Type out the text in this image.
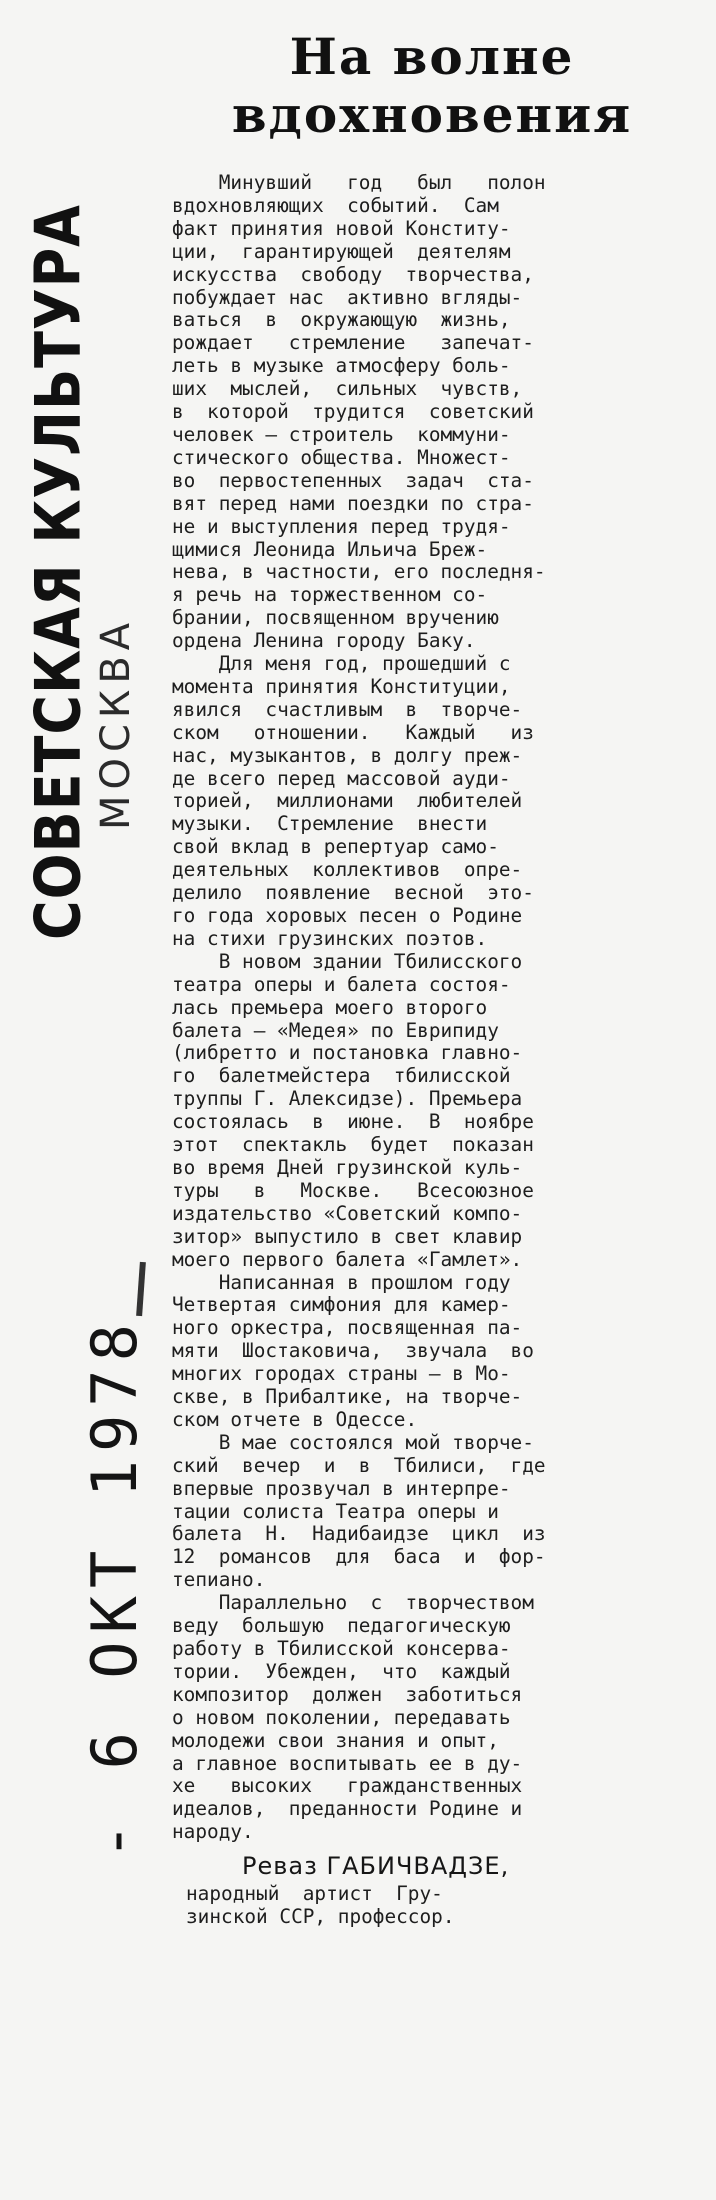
СОВЕТСКАЯ КУЛЬТУРА
МОСКВА
- 6 ОКТ 1978
На волне
вдохновения
Минувший   год   был   полон
вдохновляющих  событий.  Сам
факт принятия новой Конститу-
ции,  гарантирующей  деятелям
искусства  свободу  творчества,
побуждает нас  активно вгляды-
ваться  в  окружающую  жизнь,
рождает   стремление   запечат-
леть в музыке атмосферу боль-
ших  мыслей,  сильных  чувств,
в  которой  трудится  советский
человек — строитель  коммуни-
стического общества. Множест-
во  первостепенных  задач  ста-
вят перед нами поездки по стра-
не и выступления перед трудя-
щимися Леонида Ильича Бреж-
нева, в частности, его последня-
я речь на торжественном со-
брании, посвященном вручению
ордена Ленина городу Баку.
Для меня год, прошедший с
момента принятия Конституции,
явился  счастливым  в  творче-
ском   отношении.   Каждый   из
нас, музыкантов, в долгу преж-
де всего перед массовой ауди-
торией,  миллионами  любителей
музыки.  Стремление  внести
свой вклад в репертуар само-
деятельных  коллективов  опре-
делило  появление  весной  это-
го года хоровых песен о Родине
на стихи грузинских поэтов.
В новом здании Тбилисского
театра оперы и балета состоя-
лась премьера моего второго
балета — «Медея» по Еврипиду
(либретто и постановка главно-
го  балетмейстера  тбилисской
труппы Г. Алексидзе). Премьера
состоялась  в  июне.  В  ноябре
этот  спектакль  будет  показан
во время Дней грузинской куль-
туры   в   Москве.   Всесоюзное
издательство «Советский компо-
зитор» выпустило в свет клавир
моего первого балета «Гамлет».
Написанная в прошлом году
Четвертая симфония для камер-
ного оркестра, посвященная па-
мяти  Шостаковича,  звучала  во
многих городах страны — в Мо-
скве, в Прибалтике, на творче-
ском отчете в Одессе.
В мае состоялся мой творче-
ский  вечер  и  в  Тбилиси,  где
впервые прозвучал в интерпре-
тации солиста Театра оперы и
балета  Н.  Надибаидзе  цикл  из
12  романсов  для  баса  и  фор-
тепиано.
Параллельно  с  творчеством
веду  большую  педагогическую
работу в Тбилисской консерва-
тории.  Убежден,  что  каждый
композитор  должен  заботиться
о новом поколении, передавать
молодежи свои знания и опыт,
а главное воспитывать ее в ду-
хе   высоких   гражданственных
идеалов,  преданности Родине и
народу.
Реваз ГАБИЧВАДЗЕ,
народный  артист  Гру-
зинской ССР, профессор.
